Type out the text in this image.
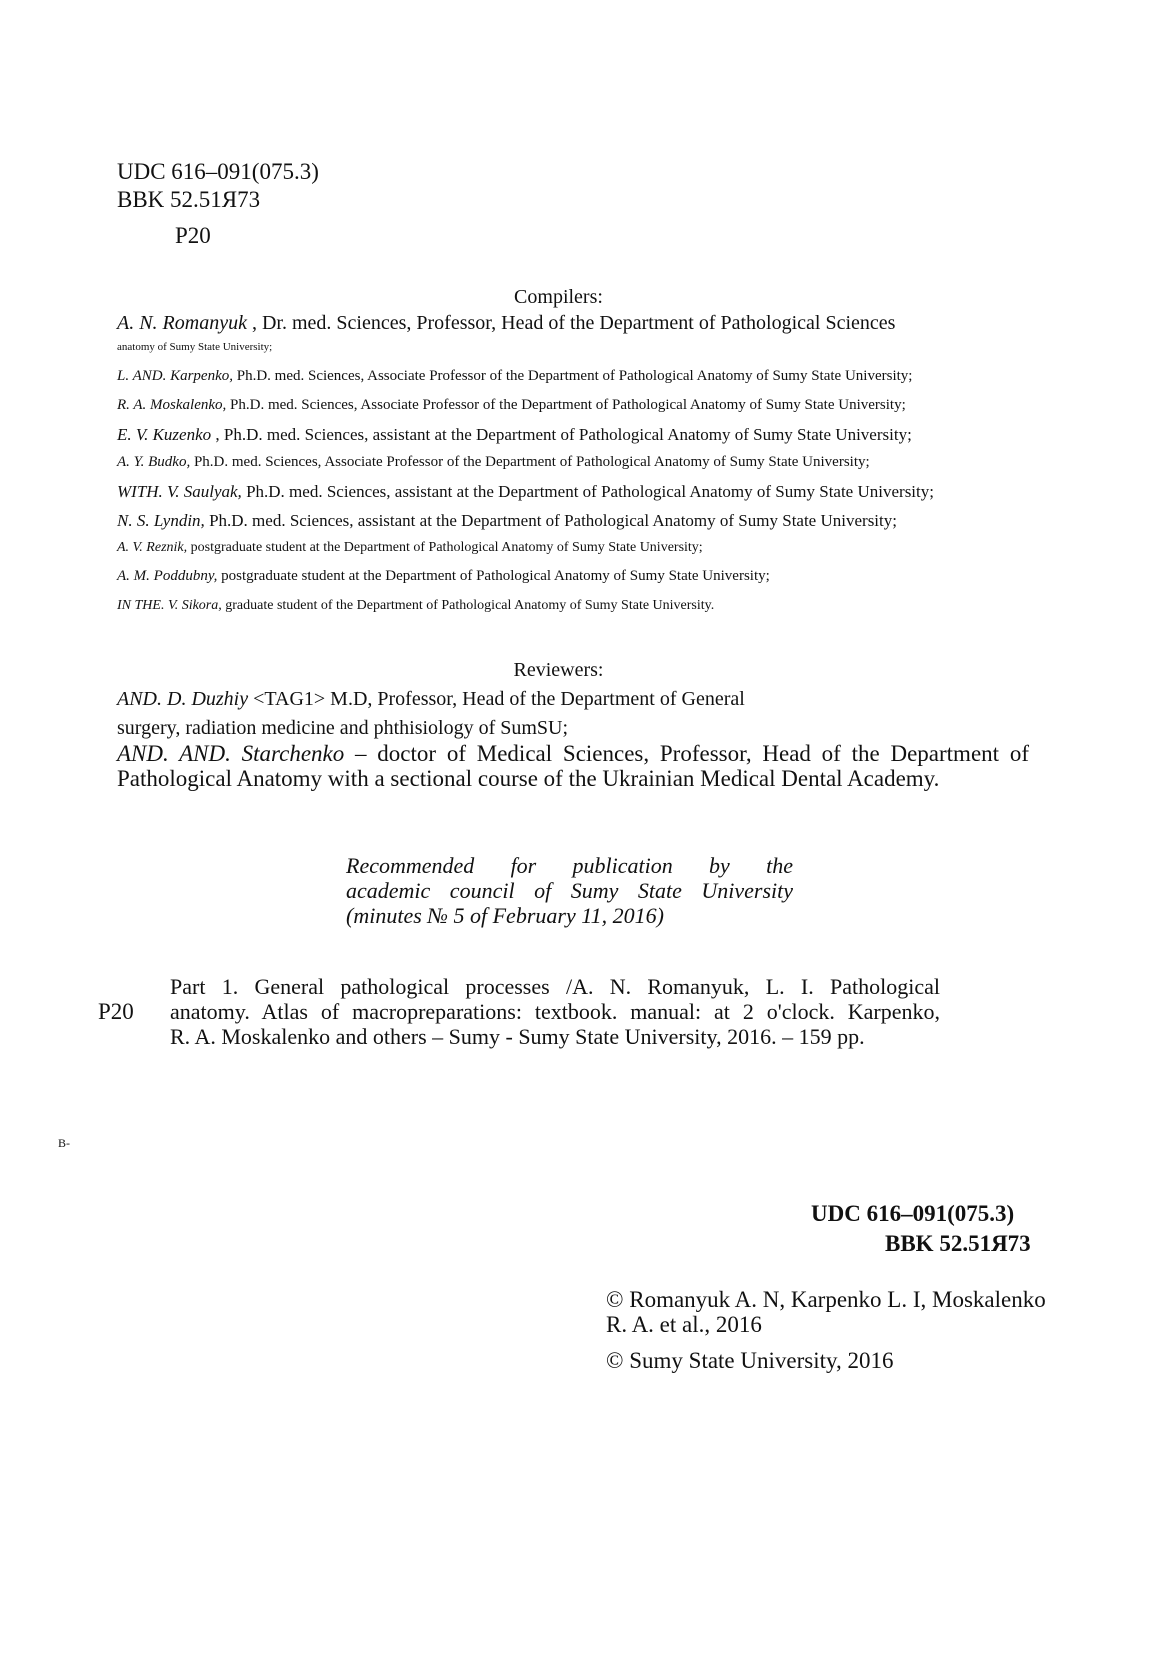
UDC 616–091(075.3)
BBK 52.51Я73
P20
Compilers:
A. N. Romanyuk , Dr. med. Sciences, Professor, Head of the Department of Pathological Sciences
anatomy of Sumy State University;
L. AND. Karpenko, Ph.D. med. Sciences, Associate Professor of the Department of Pathological Anatomy of Sumy State University;
R. A. Moskalenko, Ph.D. med. Sciences, Associate Professor of the Department of Pathological Anatomy of Sumy State University;
E. V. Kuzenko , Ph.D. med. Sciences, assistant at the Department of Pathological Anatomy of Sumy State University;
A. Y. Budko, Ph.D. med. Sciences, Associate Professor of the Department of Pathological Anatomy of Sumy State University;
WITH. V. Saulyak, Ph.D. med. Sciences, assistant at the Department of Pathological Anatomy of Sumy State University;
N. S. Lyndin, Ph.D. med. Sciences, assistant at the Department of Pathological Anatomy of Sumy State University;
A. V. Reznik, postgraduate student at the Department of Pathological Anatomy of Sumy State University;
A. M. Poddubny, postgraduate student at the Department of Pathological Anatomy of Sumy State University;
IN THE. V. Sikora, graduate student of the Department of Pathological Anatomy of Sumy State University.
Reviewers:
AND. D. Duzhiy <TAG1> M.D, Professor, Head of the Department of General
surgery, radiation medicine and phthisiology of SumSU;
AND. AND. Starchenko – doctor of Medical Sciences, Professor, Head of the Department of Pathological Anatomy with a sectional course of the Ukrainian Medical Dental Academy.
Recommended for publication by the
academic council of Sumy State University
(minutes № 5 of February 11, 2016)
P20
Part 1. General pathological processes /A. N. Romanyuk, L. I. Pathological
anatomy. Atlas of macropreparations: textbook. manual: at 2 o'clock. Karpenko,
R. A. Moskalenko and others – Sumy - Sumy State University, 2016. – 159 pp.
B-
UDC 616–091(075.3)
BBK 52.51Я73
© Romanyuk A. N, Karpenko L. I, Moskalenko R. A. et al., 2016
© Sumy State University, 2016
